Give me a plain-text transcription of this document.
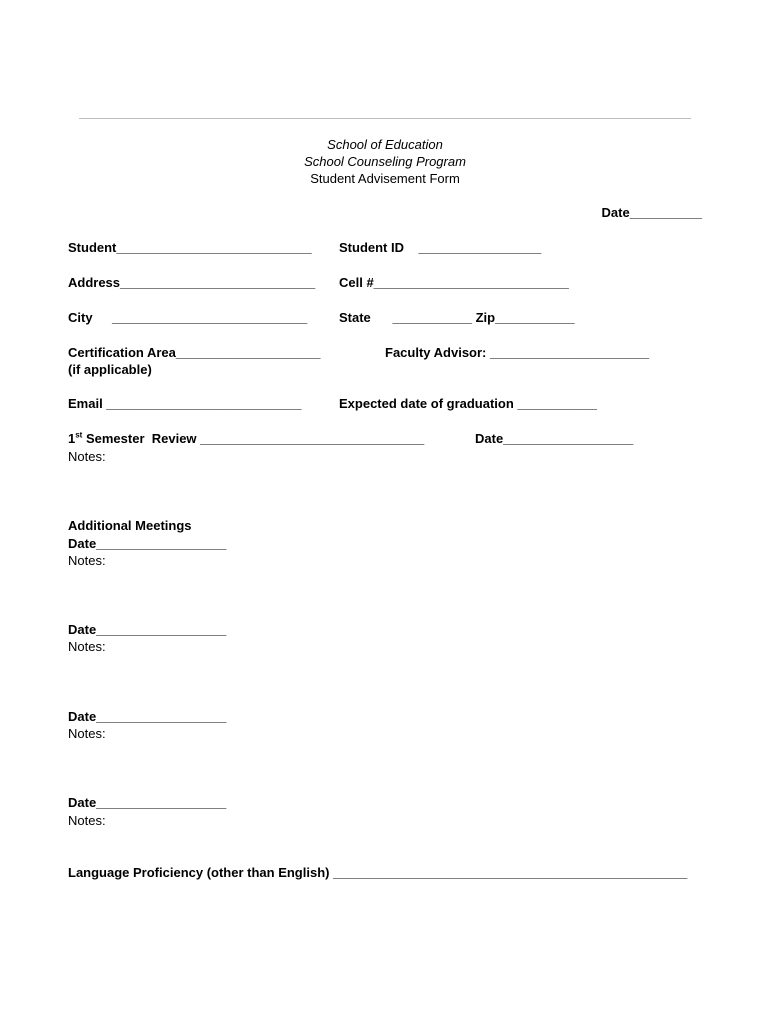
School of Education
School Counseling Program
Student Advisement Form
Date__________
Student___________________________ Student ID    _________________
Address___________________________ Cell #___________________________
City ___________________________ State      ___________ Zip___________
Certification Area____________________
(if applicable)
Faculty Advisor: ______________________
Email ___________________________	Expected date of graduation ___________
1st Semester  Review _______________________________	Date__________________
Notes:
Additional Meetings
Date__________________
Notes:
Date__________________
Notes:
Date__________________
Notes:
Date__________________
Notes:
Language Proficiency (other than English) _________________________________________________
